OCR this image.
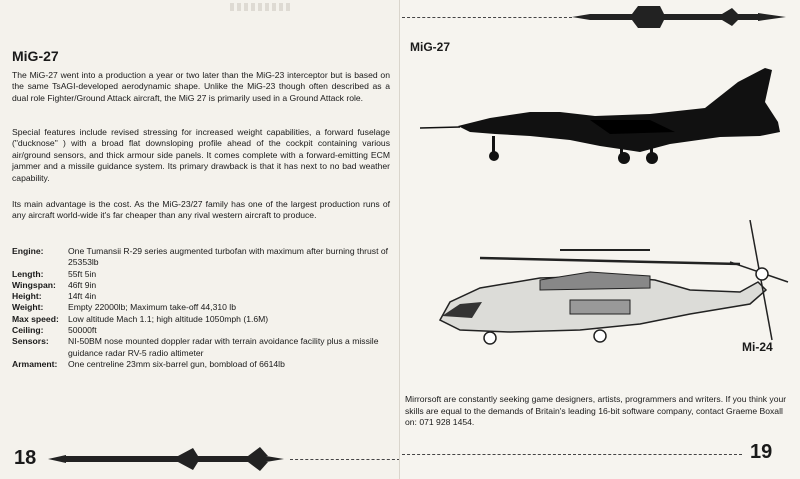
MiG-27

The MiG-27 went into a production a year or two later than the MiG-23 interceptor but is based on the same TsAGI-developed aerodynamic shape. Unlike the MiG-23 though often described as a dual role Fighter/Ground Attack aircraft, the MiG 27 is primarily used in a Ground Attack role.

Special features include revised stressing for increased weight capabilities, a forward fuselage ("ducknose" ) with a broad flat downsloping profile ahead of the cockpit containing various air/ground sensors, and thick armour side panels. It comes complete with a forward-emitting ECM jammer and a missile guidance system. Its primary drawback is that it has next to no bad weather capability.

Its main advantage is the cost. As the MiG-23/27 family has one of the largest production runs of any aircraft world-wide it's far cheaper than any rival western aircraft to produce.

Engine:	One Tumansii R-29 series augmented turbofan with maximum after burning thrust of 25353lb
Length:	55ft 5in
Wingspan:	46ft 9in
Height:	14ft 4in
Weight:	Empty 22000lb; Maximum take-off 44,310 lb
Max speed:	Low altitude Mach 1.1; high altitude 1050mph (1.6M)
Ceiling:	50000ft
Sensors:	NI-50BM nose mounted doppler radar with terrain avoidance facility plus a missile guidance radar RV-5 radio altimeter
Armament:	One centreline 23mm six-barrel gun, bombload of 6614lb
18
MiG-27
Mi-24

Mirrorsoft are constantly seeking game designers, artists, programmers and writers. If you think your skills are equal to the demands of Britain's leading 16-bit software company, contact Graeme Boxall on: 071 928 1454.

19
